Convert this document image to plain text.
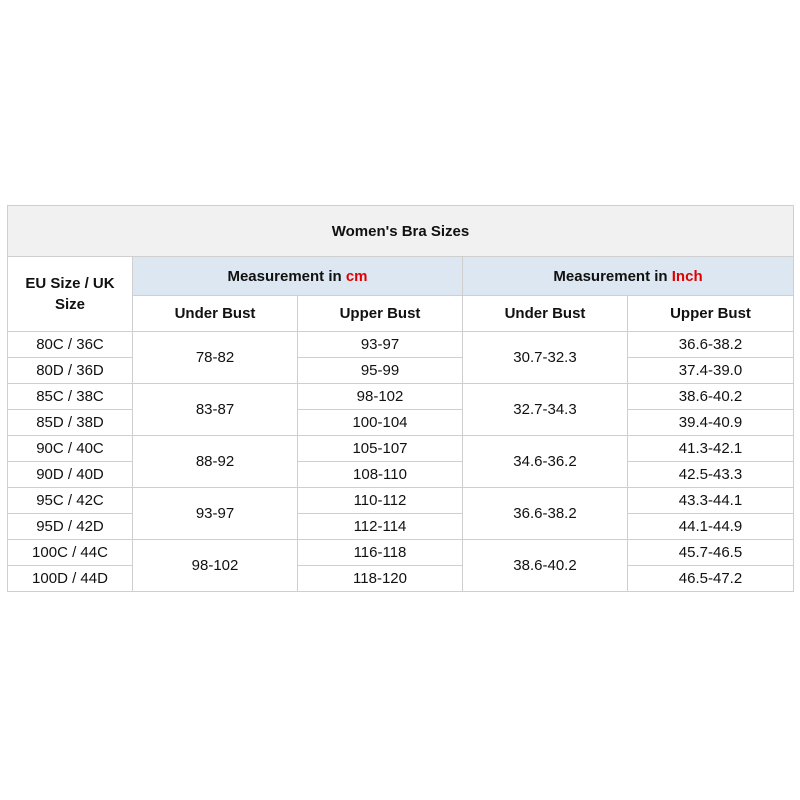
Women's Bra Sizes				

EU Size / UK
Size	Measurement in cm		Measurement in Inch	
	Under Bust	Upper Bust	Under Bust	Upper Bust
80C / 36C	78-82	93-97	30.7-32.3	36.6-38.2
80D / 36D		95-99		37.4-39.0
85C / 38C	83-87	98-102	32.7-34.3	38.6-40.2
85D / 38D		100-104		39.4-40.9
90C / 40C	88-92	105-107	34.6-36.2	41.3-42.1
90D / 40D		108-110		42.5-43.3
95C / 42C	93-97	110-112	36.6-38.2	43.3-44.1
95D / 42D		112-114		44.1-44.9
100C / 44C	98-102	116-118	38.6-40.2	45.7-46.5
100D / 44D		118-120		46.5-47.2
